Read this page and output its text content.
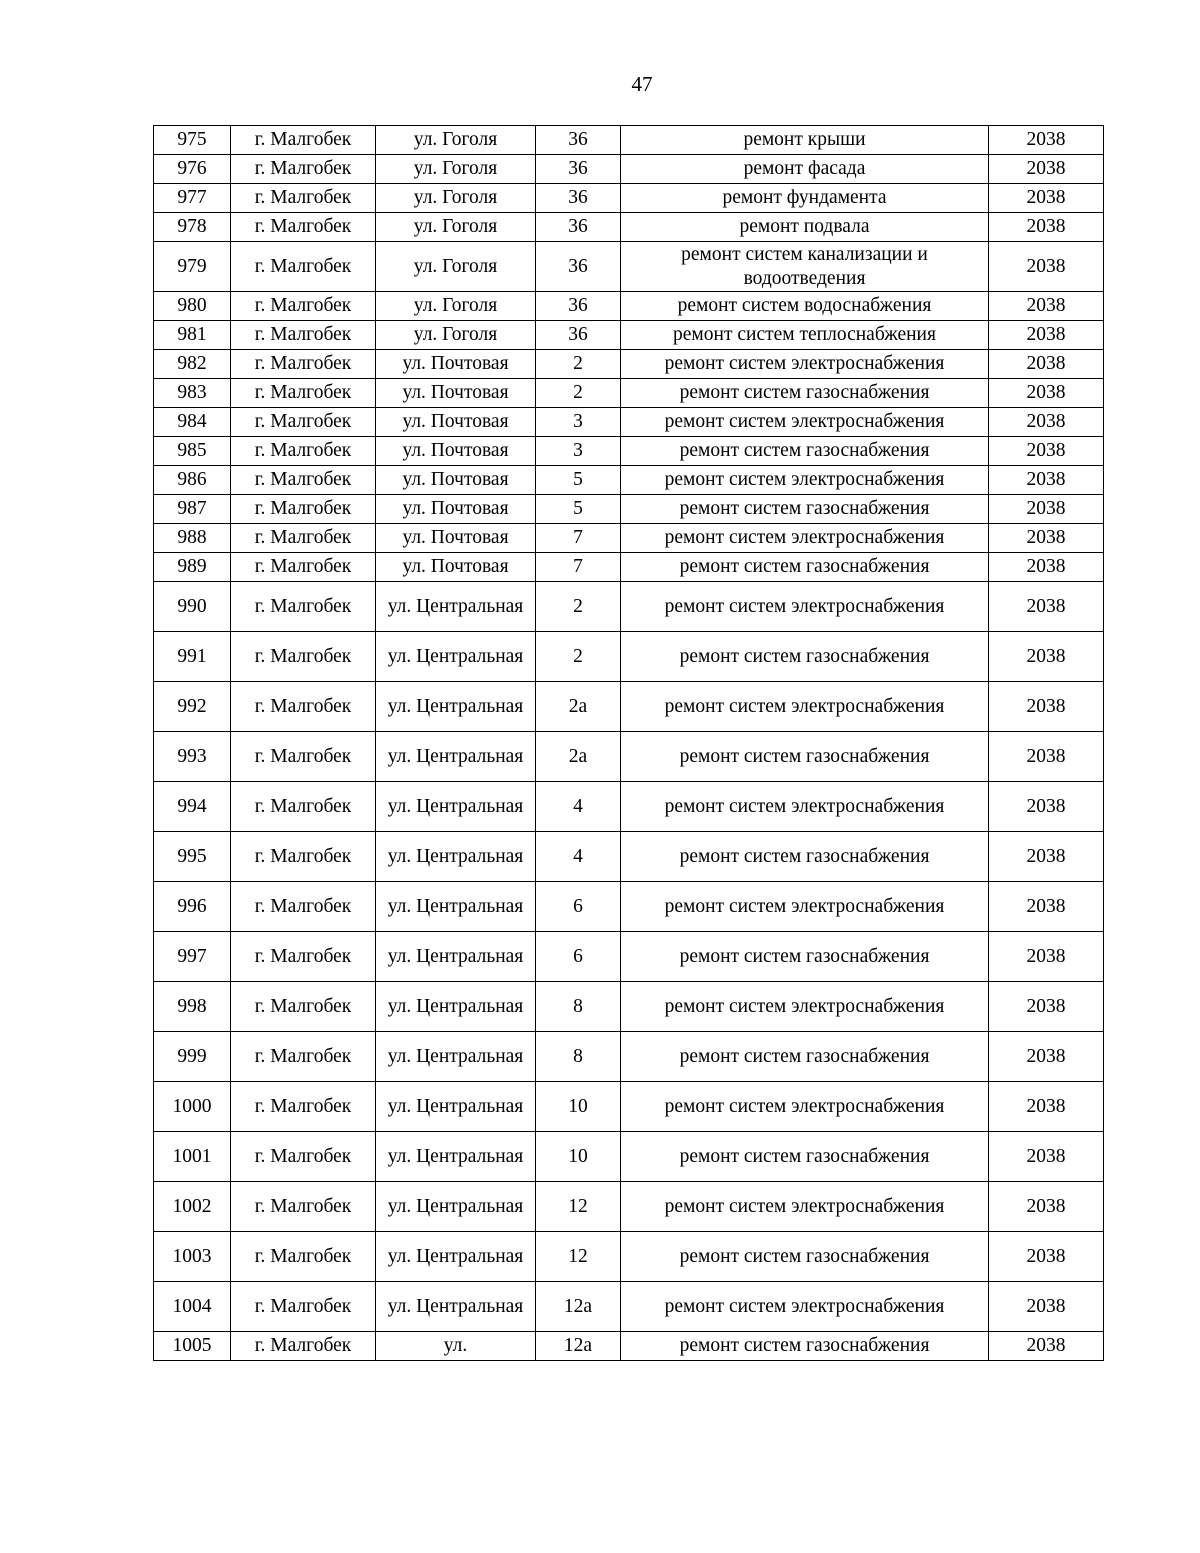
47
975	г. Малгобек	ул. Гоголя	36	ремонт крыши	2038
976	г. Малгобек	ул. Гоголя	36	ремонт фасада	2038
977	г. Малгобек	ул. Гоголя	36	ремонт фундамента	2038
978	г. Малгобек	ул. Гоголя	36	ремонт подвала	2038
979	г. Малгобек	ул. Гоголя	36	ремонт систем канализации и водоотведения	2038
980	г. Малгобек	ул. Гоголя	36	ремонт систем водоснабжения	2038
981	г. Малгобек	ул. Гоголя	36	ремонт систем теплоснабжения	2038
982	г. Малгобек	ул. Почтовая	2	ремонт систем электроснабжения	2038
983	г. Малгобек	ул. Почтовая	2	ремонт систем газоснабжения	2038
984	г. Малгобек	ул. Почтовая	3	ремонт систем электроснабжения	2038
985	г. Малгобек	ул. Почтовая	3	ремонт систем газоснабжения	2038
986	г. Малгобек	ул. Почтовая	5	ремонт систем электроснабжения	2038
987	г. Малгобек	ул. Почтовая	5	ремонт систем газоснабжения	2038
988	г. Малгобек	ул. Почтовая	7	ремонт систем электроснабжения	2038
989	г. Малгобек	ул. Почтовая	7	ремонт систем газоснабжения	2038
990	г. Малгобек	ул. Центральная	2	ремонт систем электроснабжения	2038
991	г. Малгобек	ул. Центральная	2	ремонт систем газоснабжения	2038
992	г. Малгобек	ул. Центральная	2а	ремонт систем электроснабжения	2038
993	г. Малгобек	ул. Центральная	2а	ремонт систем газоснабжения	2038
994	г. Малгобек	ул. Центральная	4	ремонт систем электроснабжения	2038
995	г. Малгобек	ул. Центральная	4	ремонт систем газоснабжения	2038
996	г. Малгобек	ул. Центральная	6	ремонт систем электроснабжения	2038
997	г. Малгобек	ул. Центральная	6	ремонт систем газоснабжения	2038
998	г. Малгобек	ул. Центральная	8	ремонт систем электроснабжения	2038
999	г. Малгобек	ул. Центральная	8	ремонт систем газоснабжения	2038
1000	г. Малгобек	ул. Центральная	10	ремонт систем электроснабжения	2038
1001	г. Малгобек	ул. Центральная	10	ремонт систем газоснабжения	2038
1002	г. Малгобек	ул. Центральная	12	ремонт систем электроснабжения	2038
1003	г. Малгобек	ул. Центральная	12	ремонт систем газоснабжения	2038
1004	г. Малгобек	ул. Центральная	12а	ремонт систем электроснабжения	2038
1005	г. Малгобек	ул.	12а	ремонт систем газоснабжения	2038
